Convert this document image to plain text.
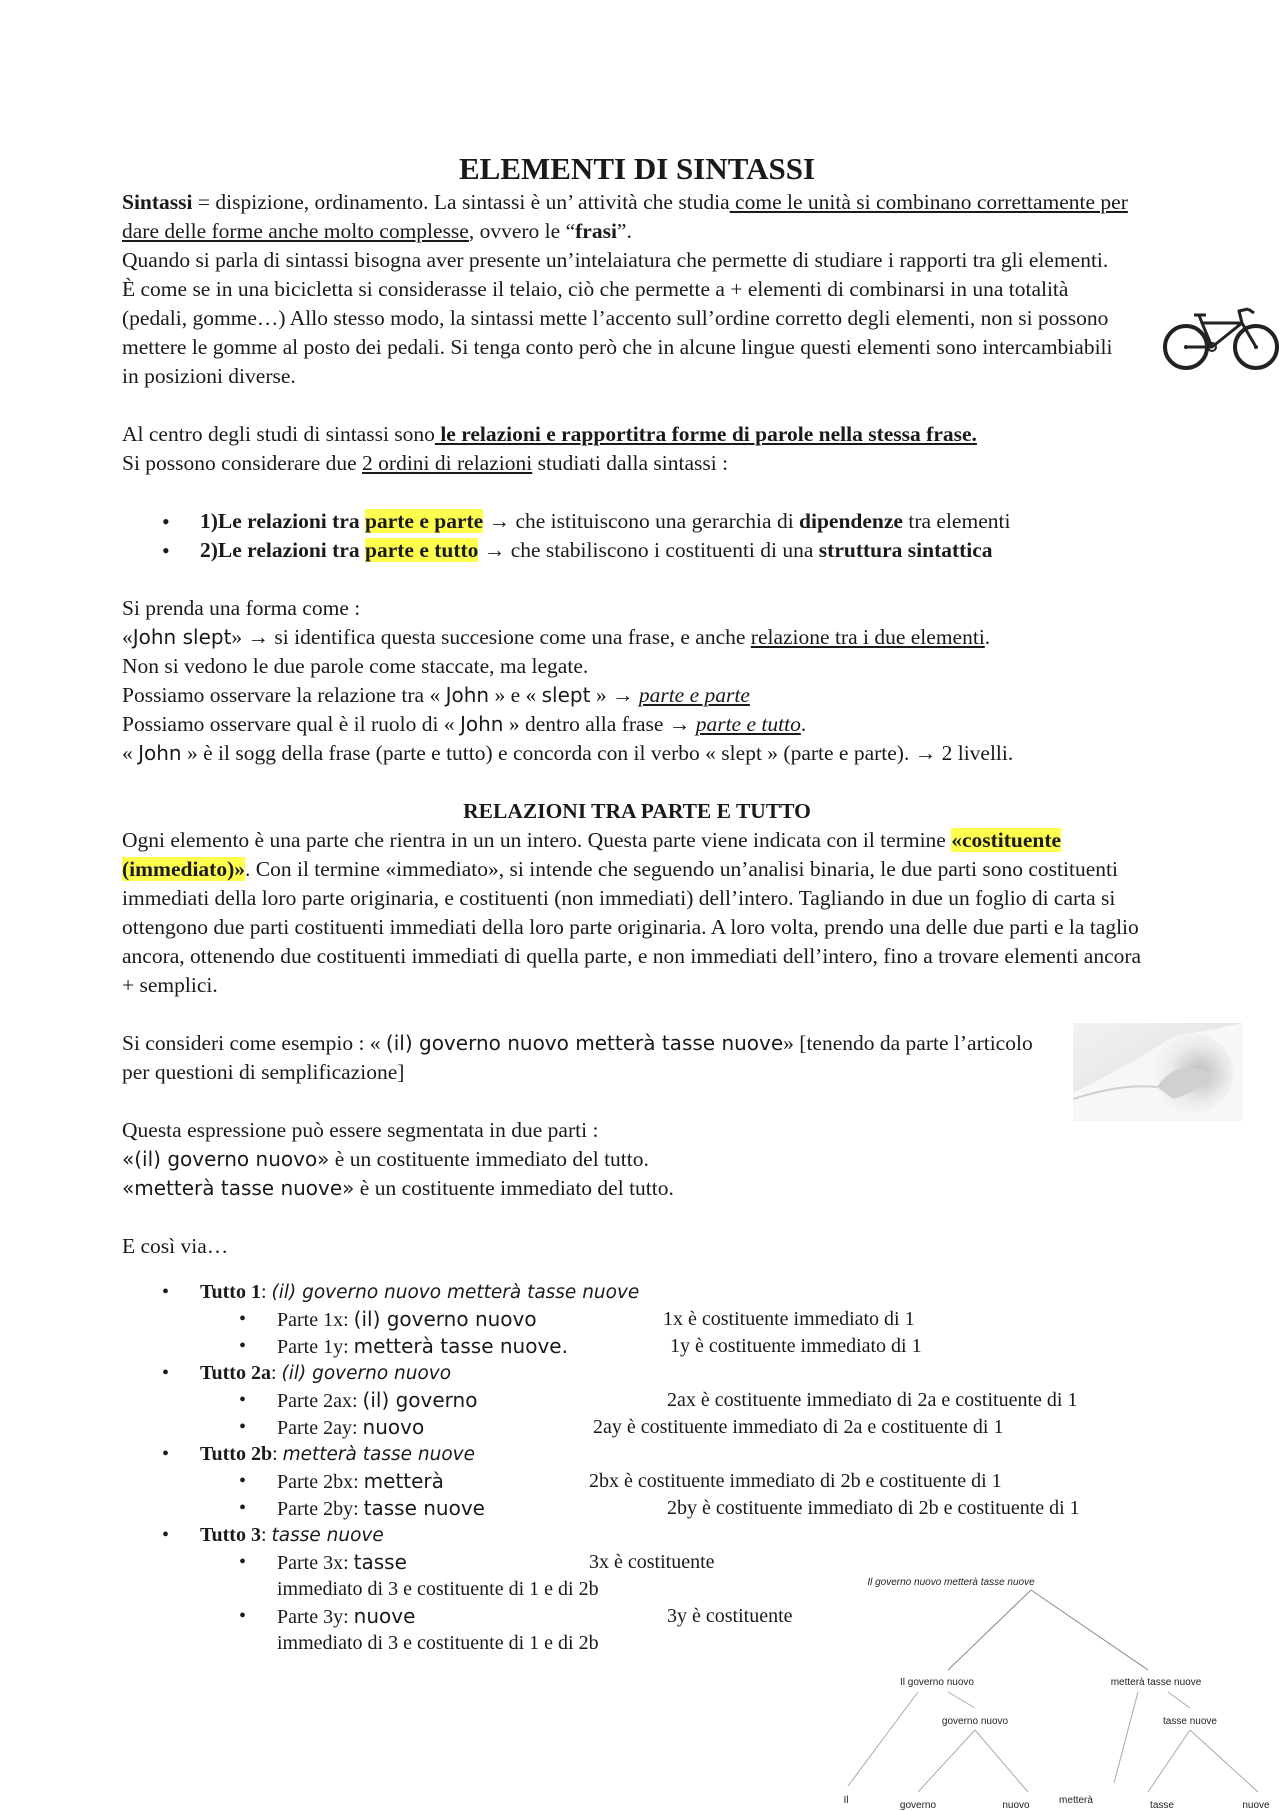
ELEMENTI DI SINTASSI

Sintassi = dispizione, ordinamento. La sintassi è un’ attività che studia come le unità si combinano correttamente per dare delle forme anche molto complesse, ovvero le “frasi”.

Quando si parla di sintassi bisogna aver presente un’intelaiatura che permette di studiare i rapporti tra gli elementi. È come se in una bicicletta si considerasse il telaio, ciò che permette a + elementi di combinarsi in una totalità (pedali, gomme…) Allo stesso modo, la sintassi mette l’accento sull’ordine corretto degli elementi, non si possono mettere le gomme al posto dei pedali. Si tenga conto però che in alcune lingue questi elementi sono intercambiabili in posizioni diverse.

Al centro degli studi di sintassi sono le relazioni e rapportitra forme di parole nella stessa frase.
Si possono considerare due 2 ordini di relazioni studiati dalla sintassi :

• 1)Le relazioni tra parte e parte → che istituiscono una gerarchia di dipendenze tra elementi
• 2)Le relazioni tra parte e tutto → che stabiliscono i costituenti di una struttura sintattica

Si prenda una forma come :

«John slept» → si identifica questa succesione come una frase, e anche relazione tra i due elementi.

Non si vedono le due parole come staccate, ma legate.

Possiamo osservare la relazione tra « John » e « slept » → parte e parte

Possiamo osservare qual è il ruolo di « John » dentro alla frase → parte e tutto.

« John » è il sogg della frase (parte e tutto) e concorda con il verbo « slept » (parte e parte). → 2 livelli.

RELAZIONI TRA PARTE E TUTTO

Ogni elemento è una parte che rientra in un un intero. Questa parte viene indicata con il termine «costituente (immediato)». Con il termine «immediato», si intende che seguendo un’analisi binaria, le due parti sono costituenti immediati della loro parte originaria, e costituenti (non immediati) dell’intero. Tagliando in due un foglio di carta si ottengono due parti costituenti immediati della loro parte originaria. A loro volta, prendo una delle due parti e la taglio ancora, ottenendo due costituenti immediati di quella parte, e non immediati dell’intero, fino a trovare elementi ancora + semplici.

Si consideri come esempio : « (il) governo nuovo metterà tasse nuove» [tenendo da parte l’articolo per questioni di semplificazione]

Questa espressione può essere segmentata in due parti :

«(il) governo nuovo» è un costituente immediato del tutto.

«metterà tasse nuove» è un costituente immediato del tutto.

E così via…

• Tutto 1: (il) governo nuovo metterà tasse nuove
• Parte 1x: (il) governo nuovo	1x è costituente immediato di 1
• Parte 1y: metterà tasse nuove.	1y è costituente immediato di 1
• Tutto 2a: (il) governo nuovo
• Parte 2ax: (il) governo	2ax è costituente immediato di 2a e costituente di 1
• Parte 2ay: nuovo	2ay è costituente immediato di 2a e costituente di 1
• Tutto 2b: metterà tasse nuove
• Parte 2bx: metterà	2bx è costituente immediato di 2b e costituente di 1
• Parte 2by: tasse nuove	2by è costituente immediato di 2b e costituente di 1
• Tutto 3: tasse nuove
• Parte 3x: tasse	3x è costituente
immediato di 3 e costituente di 1 e di 2b
• Parte 3y: nuove	3y è costituente
immediato di 3 e costituente di 1 e di 2b
Il governo nuovo metterà tasse nuove
Il governo nuovo	metterà tasse nuove
governo nuovo	tasse nuove
Il	governo	nuovo	metterà	tasse	nuove
